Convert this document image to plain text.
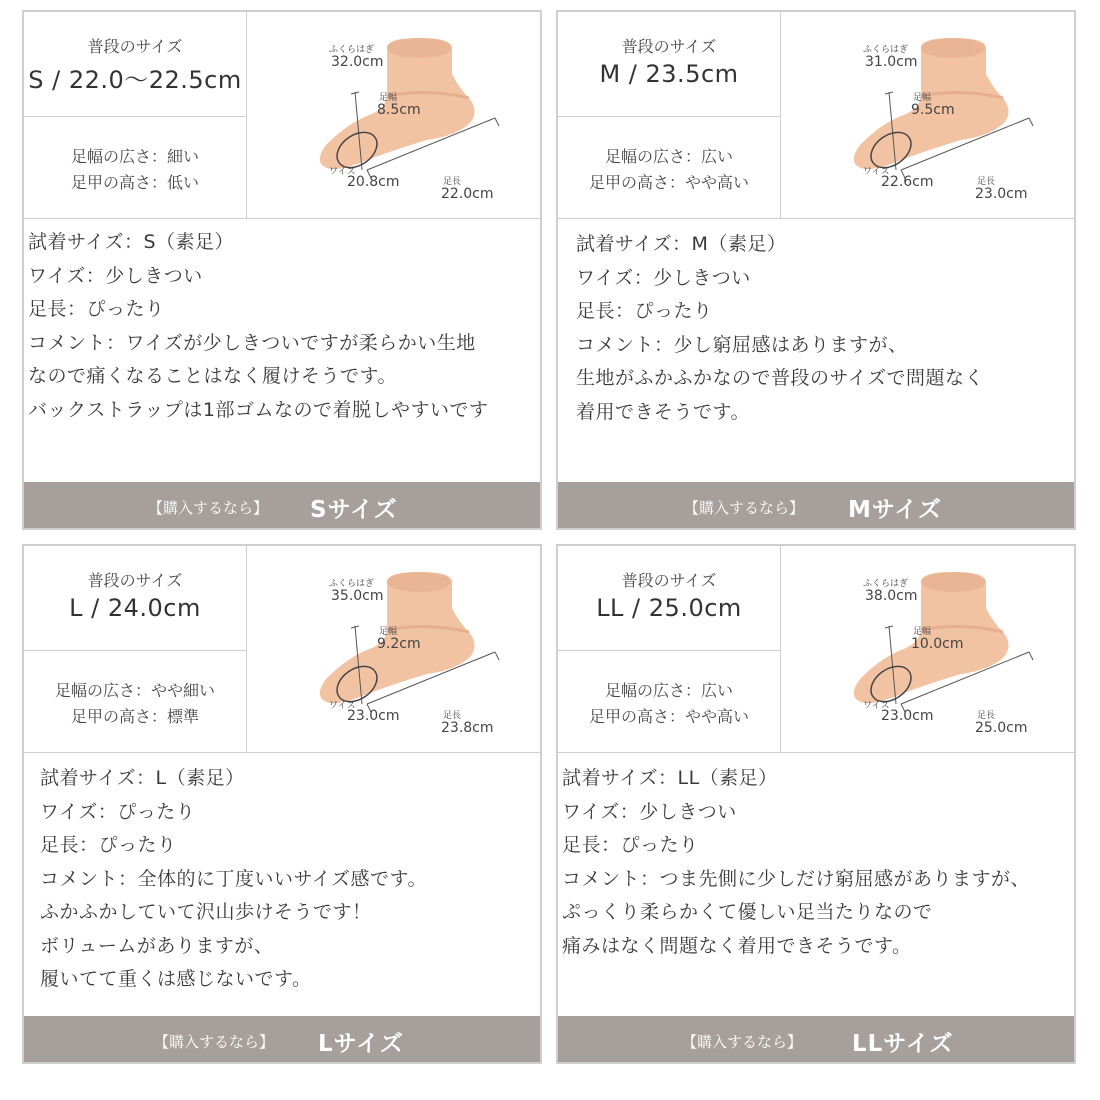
普段のサイズ
S / 22.0〜22.5cm
足幅の広さ：細い
足甲の高さ：低い
ふくらはぎ
32.0cm
足幅
8.5cm
ワイズ
20.8cm	足長
22.0cm
試着サイズ：S（素足）
ワイズ：少しきつい
足長：ぴったり
コメント：ワイズが少しきついですが柔らかい生地
なので痛くなることはなく履けそうです。
バックストラップは1部ゴムなので着脱しやすいです
【購入するなら】 Sサイズ
普段のサイズ
M / 23.5cm
足幅の広さ：広い
足甲の高さ：やや高い
ふくらはぎ
31.0cm
足幅
9.5cm
ワイズ
22.6cm	足長
23.0cm
試着サイズ：M（素足）
ワイズ：少しきつい
足長：ぴったり
コメント：少し窮屈感はありますが、
生地がふかふかなので普段のサイズで問題なく
着用できそうです。
【購入するなら】 Mサイズ
普段のサイズ
L / 24.0cm
足幅の広さ：やや細い
足甲の高さ：標準
ふくらはぎ
35.0cm
足幅
9.2cm
ワイズ
23.0cm	足長
23.8cm
試着サイズ：L（素足）
ワイズ：ぴったり
足長：ぴったり
コメント：全体的に丁度いいサイズ感です。
ふかふかしていて沢山歩けそうです！
ボリュームがありますが、
履いてて重くは感じないです。
【購入するなら】 Lサイズ
普段のサイズ
LL / 25.0cm
足幅の広さ：広い
足甲の高さ：やや高い
ふくらはぎ
38.0cm
足幅
10.0cm
ワイズ
23.0cm	足長
25.0cm
試着サイズ：LL（素足）
ワイズ：少しきつい
足長：ぴったり
コメント：つま先側に少しだけ窮屈感がありますが、
ぷっくり柔らかくて優しい足当たりなので
痛みはなく問題なく着用できそうです。
【購入するなら】 LLサイズ
